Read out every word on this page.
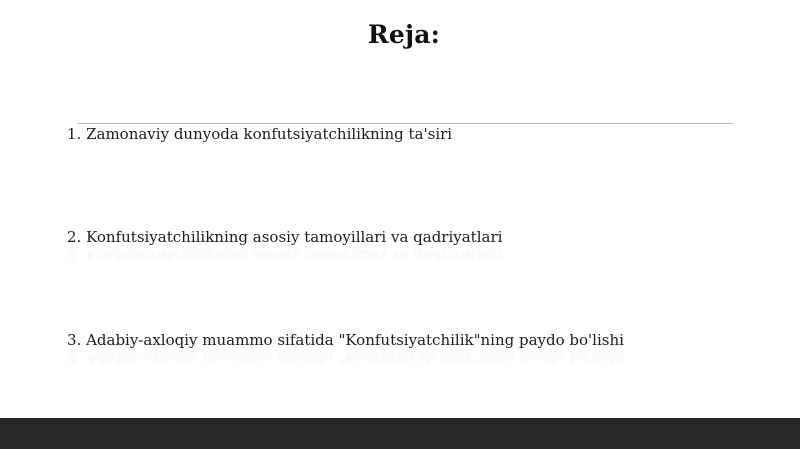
Reja:
1. Zamonaviy dunyoda konfutsiyatchilikning ta'siri
2. Konfutsiyatchilikning asosiy tamoyillari va qadriyatlari
2. Konfutsiyatchilikning asosiy tamoyillari va qadriyatlari
3. Adabiy-axloqiy muammo sifatida "Konfutsiyatchilik"ning paydo bo'lishi
3. Adabiy-axloqiy muammo sifatida "Konfutsiyatchilik"ning paydo bo'lishi
